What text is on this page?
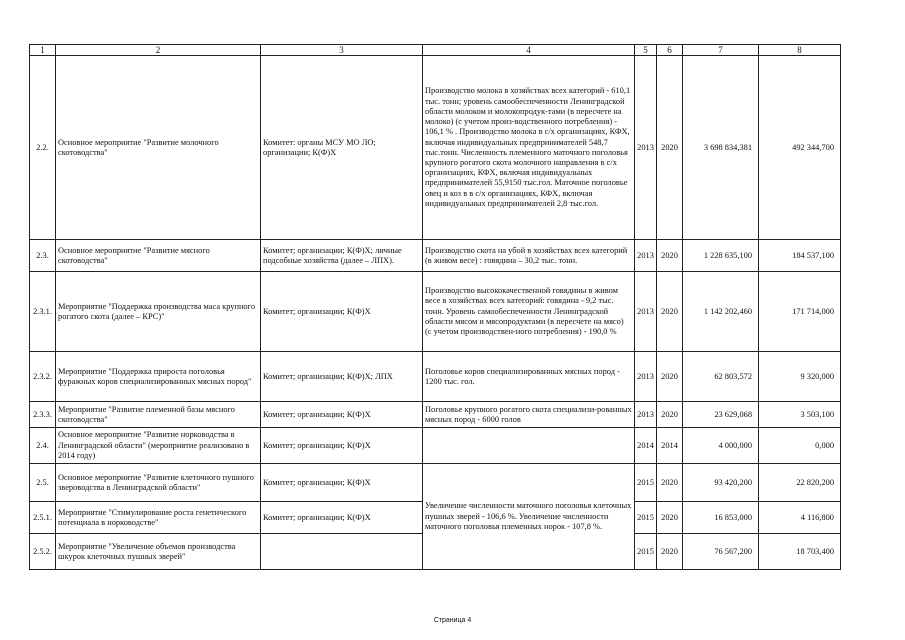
1	2	3	4	5	6	7	8
2.2.	Основное мероприятие "Развитие молочного скотоводства"	Комитет: органы МСУ МО ЛО; организации; К(Ф)Х	Производство молока в хозяйствах всех категорий - 610,1 тыс. тонн; уровень самообеспеченности Ленинградской области молоком и молокопродук-тами (в пересчете на молоко) (с учетом произ-водственного потребления) - 106,1 % . Производство молока в с/х организациях, КФХ, включая индивидуальных предпринимателей 548,7 тыс.тонн. Численность племенного маточного поголовья крупного рогатого скота молочного направления в с/х организациях, КФХ, включая индивидуальных предпринимателей 55,9150 тыс.гол. Маточное поголовье овец и коз в в с/х организациях, КФХ, включая индивидуальных предпринимателей 2,8 тыс.гол.	2013	2020	3 698 834,381	492 344,700
2.3.	Основное мероприятие "Развитие мясного скотоводства"	Комитет; организации; К(Ф)Х; личные подсобные хозяйства (далее – ЛПХ).	Производство скота на убой в хозяйствах всех категорий (в живом весе) : говядина – 30,2 тыс. тонн.	2013	2020	1 228 635,100	184 537,100
2.3.1.	Мероприятие "Поддержка производства маса крупного рогатого скота (далее – КРС)"	Комитет; организации; К(Ф)Х	Производство высококачественной говядины в живом весе в хозяйствах всех категорий: говядина - 9,2 тыс. тонн. Уровень самообеспеченности Ленинградской области мясом и мясопродуктами (в пересчете на мясо) (с учетом производствен-ного потребления) - 190,0 %	2013	2020	1 142 202,460	171 714,000
2.3.2.	Мероприятие "Поддержка прироста поголовья фуражных коров специализированных мясных пород"	Комитет; организации; К(Ф)Х; ЛПХ	Поголовье коров специализированных мясных пород - 1200 тыс. гол.	2013	2020	62 803,572	9 320,000
2.3.3.	Мероприятие "Развитие племенной базы мясного скотоводства"	Комитет; организации; К(Ф)Х	Поголовье крупного рогатого скота специализи-рованных мясных пород - 6000 голов	2013	2020	23 629,068	3 503,100
2.4.	Основное мероприятие "Развитие норководства в Ленинградской области" (мероприятие реализовано в 2014 году)	Комитет; организации; К(Ф)Х		2014	2014	4 000,000	0,000
2.5.	Основное мероприятие "Развитие клеточного пушного звероводства в Ленинградской области"	Комитет; организации; К(Ф)Х	Увеличение численности маточного поголовья клеточных пушных зверей - 106,6 %. Увеличение численности маточного поголовья племенных норок - 107,8 %.	2015	2020	93 420,200	22 820,200
2.5.1.	Мероприятие "Стимулирование роста генетического потенциала в норководстве"	Комитет; организации; К(Ф)Х		2015	2020	16 853,000	4 116,800
2.5.2.	Мероприятие "Увеличение объемов производства шкурок клеточных пушных зверей"			2015	2020	76 567,200	18 703,400
Страница 4
